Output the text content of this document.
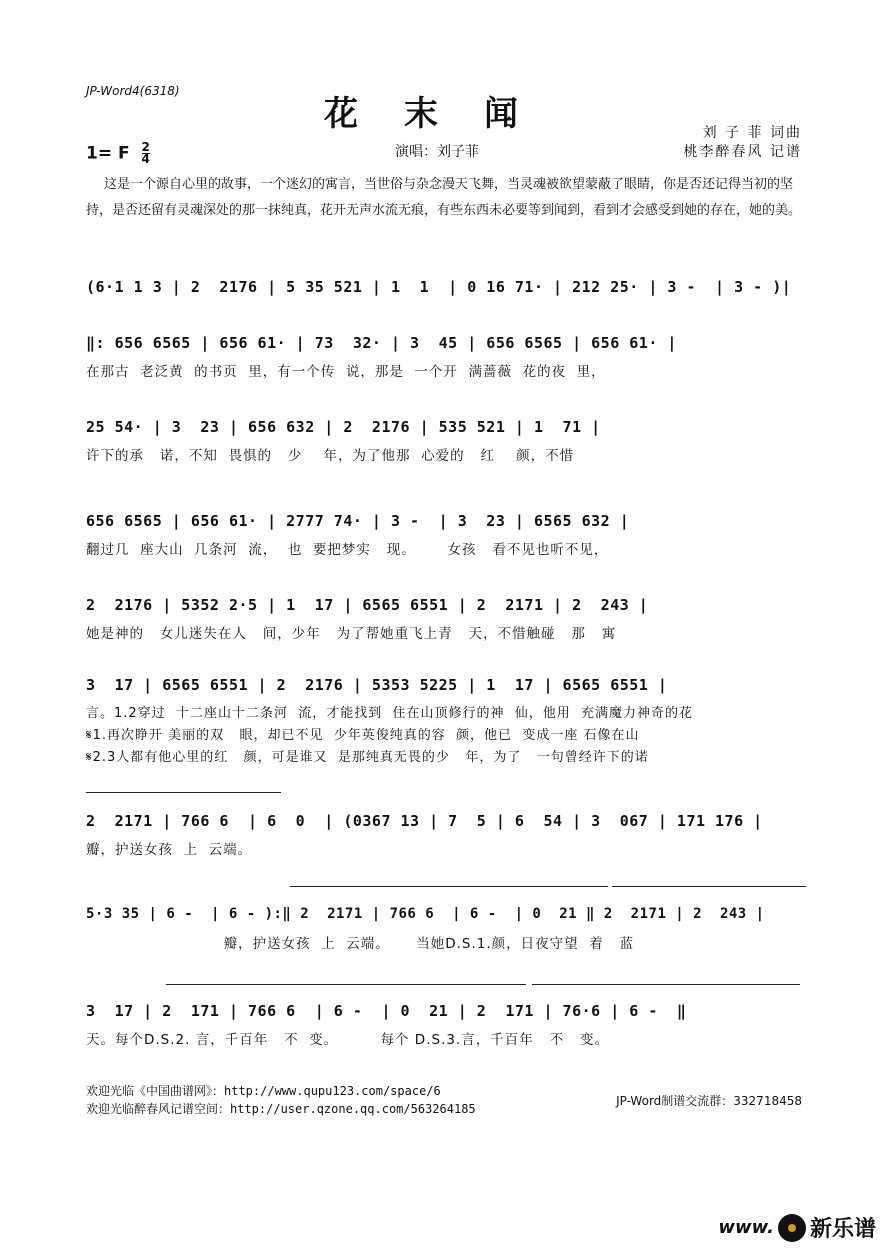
JP-Word4(6318)
花末闻	刘 子 菲 词曲
桃李醉春风 记谱
1= F $\frac{2}{4}$	演唱：刘子菲
这是一个源自心里的故事，一个迷幻的寓言，当世俗与杂念漫天飞舞，当灵魂被欲望蒙蔽了眼睛，你是否还记得当初的坚持，是否还留有灵魂深处的那一抹纯真，花开无声水流无痕，有些东西未必要等到闻到，看到才会感受到她的存在，她的美。
(6·1 1 3 | 2  2176 | 5 35 521 | 1  1  | 0 16 71· | 212 25· | 3 -  | 3 - )|
‖: 656 6565 | 656 61· | 73  32· | 3  45 | 656 6565 | 656 61· |
在那古  老泛黄  的书页  里，有一个传  说，那是  一个开  满蔷薇  花的夜  里，
25 54· | 3  23 | 656 632 | 2  2176 | 535 521 | 1  71 |
许下的承   诺，不知  畏惧的   少    年，为了他那  心爱的   红    颜，不惜
656 6565 | 656 61· | 2777 74· | 3 -  | 3  23 | 6565 632 |
翻过几  座大山  几条河  流，  也  要把梦实   现。      女孩   看不见也听不见，
2  2176 | 5352 2·5 | 1  17 | 6565 6551 | 2  2171 | 2  243 |
她是神的   女儿迷失在人   间，少年   为了帮她重飞上青   天，不惜触碰   那   寓
3  17 | 6565 6551 | 2  2176 | 5353 5225 | 1  17 | 6565 6551 |
言。1.2穿过  十二座山十二条河  流，才能找到  住在山顶修行的神  仙，他用  充满魔力神奇的花
𝄋1.再次睁开 美丽的双   眼，却已不见  少年英俊纯真的容  颜，他已  变成一座 石像在山
𝄋2.3人都有他心里的红   颜，可是谁又  是那纯真无畏的少   年，为了   一句曾经许下的诺
2  2171 | 766 6  | 6  0  | (0367 13 | 7  5 | 6  54 | 3  067 | 171 176 |
瓣，护送女孩  上  云端。
5·3 35 | 6 -  | 6 - ):‖ 2  2171 | 766 6  | 6 -  | 0  21 ‖ 2  2171 | 2  243 |
瓣，护送女孩  上  云端。     当她D.S.1.颜，日夜守望  着   蓝
3  17 | 2  171 | 766 6  | 6 -  | 0  21 | 2  171 | 76·6 | 6 -  ‖
天。每个D.S.2. 言，千百年   不  变。        每个 D.S.3.言，千百年   不   变。
欢迎光临《中国曲谱网》：http://www.qupu123.com/space/6
欢迎光临醉春风记谱空间：http://user.qzone.qq.com/563264185
JP-Word制谱交流群：332718458
www. 新乐谱
